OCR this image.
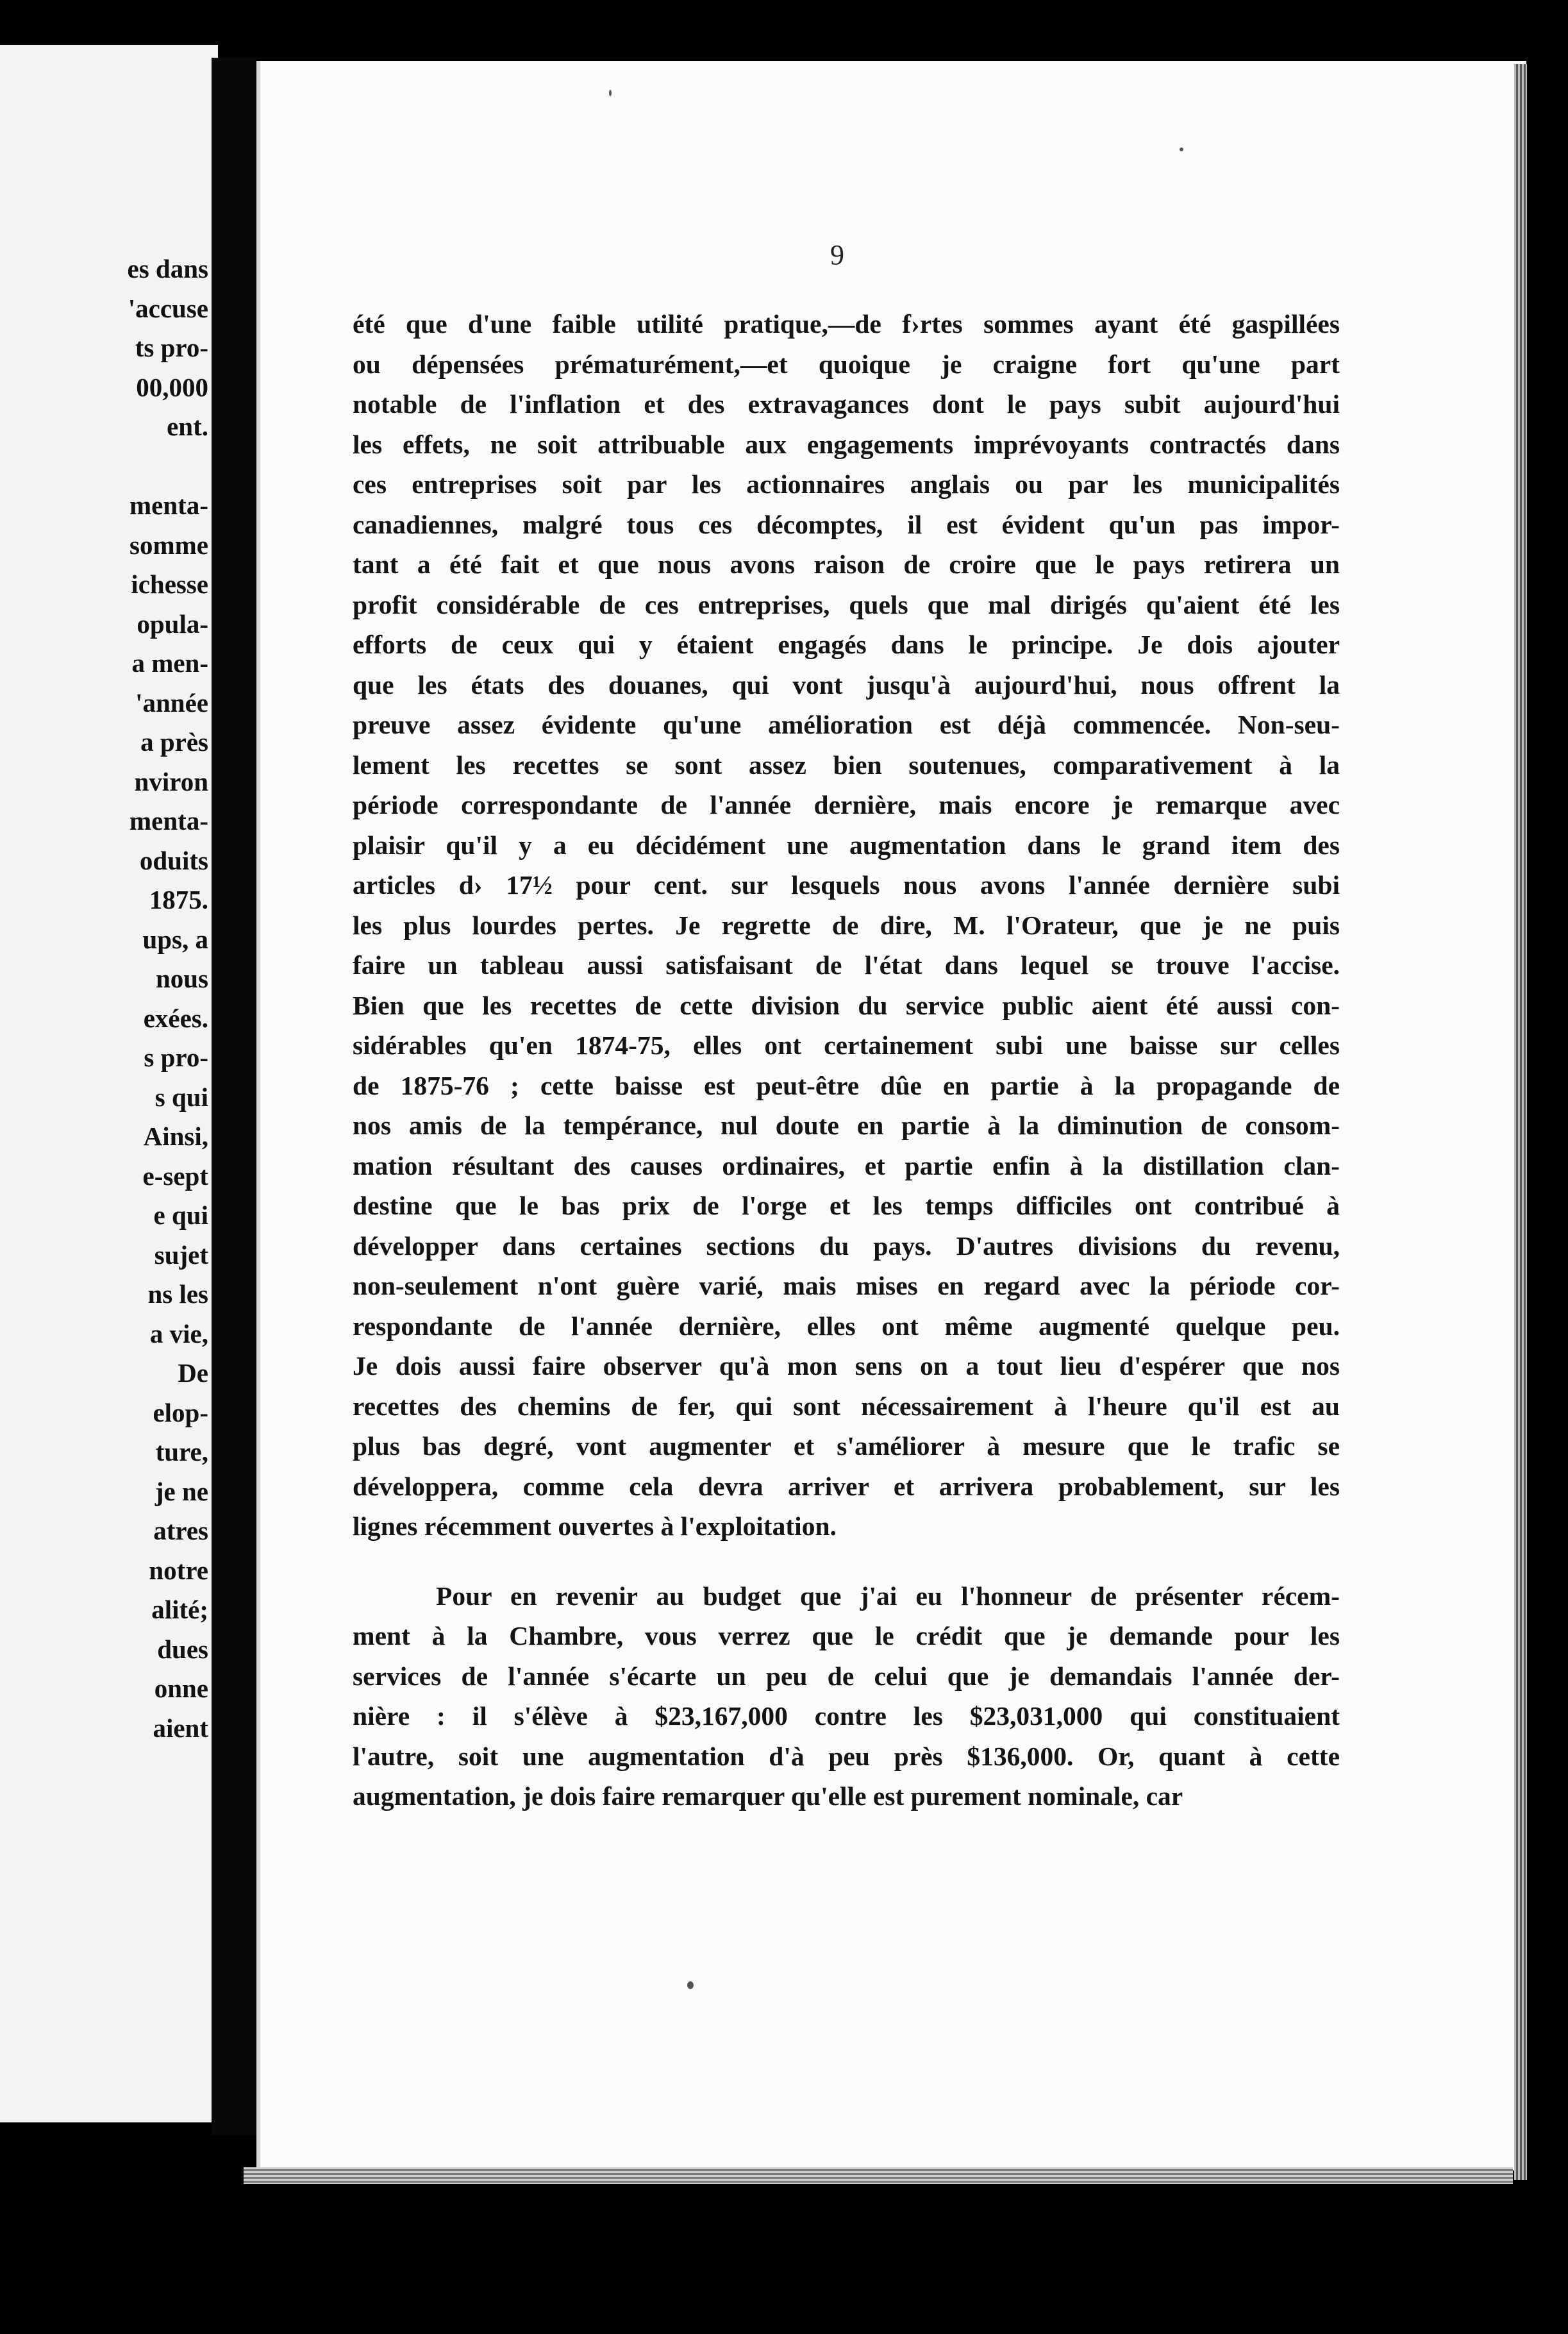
es dans
'accuse
ts pro-
00,000
ent.
menta-
somme
ichesse
opula-
a men-
'année
a près
nviron
menta-
oduits
1875.
ups, a
nous
exées.
s pro-
s qui
Ainsi,
e-sept
e qui
sujet
ns les
a vie,
De
elop-
ture,
je ne
atres
notre
alité;
dues
onne
aient
9
été que d'une faible utilité pratique,—de f›rtes sommes ayant été gaspillées
ou dépensées prématurément,—et quoique je craigne fort qu'une part
notable de l'inflation et des extravagances dont le pays subit aujourd'hui
les effets, ne soit attribuable aux engagements imprévoyants contractés dans
ces entreprises soit par les actionnaires anglais ou par les municipalités
canadiennes, malgré tous ces décomptes, il est évident qu'un pas impor-
tant a été fait et que nous avons raison de croire que le pays retirera un
profit considérable de ces entreprises, quels que mal dirigés qu'aient été les
efforts de ceux qui y étaient engagés dans le principe. Je dois ajouter
que les états des douanes, qui vont jusqu'à aujourd'hui, nous offrent la
preuve assez évidente qu'une amélioration est déjà commencée. Non-seu-
lement les recettes se sont assez bien soutenues, comparativement à la
période correspondante de l'année dernière, mais encore je remarque avec
plaisir qu'il y a eu décidément une augmentation dans le grand item des
articles d› 17½ pour cent. sur lesquels nous avons l'année dernière subi
les plus lourdes pertes. Je regrette de dire, M. l'Orateur, que je ne puis
faire un tableau aussi satisfaisant de l'état dans lequel se trouve l'accise.
Bien que les recettes de cette division du service public aient été aussi con-
sidérables qu'en 1874-75, elles ont certainement subi une baisse sur celles
de 1875-76 ; cette baisse est peut-être dûe en partie à la propagande de
nos amis de la tempérance, nul doute en partie à la diminution de consom-
mation résultant des causes ordinaires, et partie enfin à la distillation clan-
destine que le bas prix de l'orge et les temps difficiles ont contribué à
développer dans certaines sections du pays. D'autres divisions du revenu,
non-seulement n'ont guère varié, mais mises en regard avec la période cor-
respondante de l'année dernière, elles ont même augmenté quelque peu.
Je dois aussi faire observer qu'à mon sens on a tout lieu d'espérer que nos
recettes des chemins de fer, qui sont nécessairement à l'heure qu'il est au
plus bas degré, vont augmenter et s'améliorer à mesure que le trafic se
développera, comme cela devra arriver et arrivera probablement, sur les
lignes récemment ouvertes à l'exploitation.
Pour en revenir au budget que j'ai eu l'honneur de présenter récem-
ment à la Chambre, vous verrez que le crédit que je demande pour les
services de l'année s'écarte un peu de celui que je demandais l'année der-
nière : il s'élève à $23,167,000 contre les $23,031,000 qui constituaient
l'autre, soit une augmentation d'à peu près $136,000. Or, quant à cette
augmentation, je dois faire remarquer qu'elle est purement nominale, car
